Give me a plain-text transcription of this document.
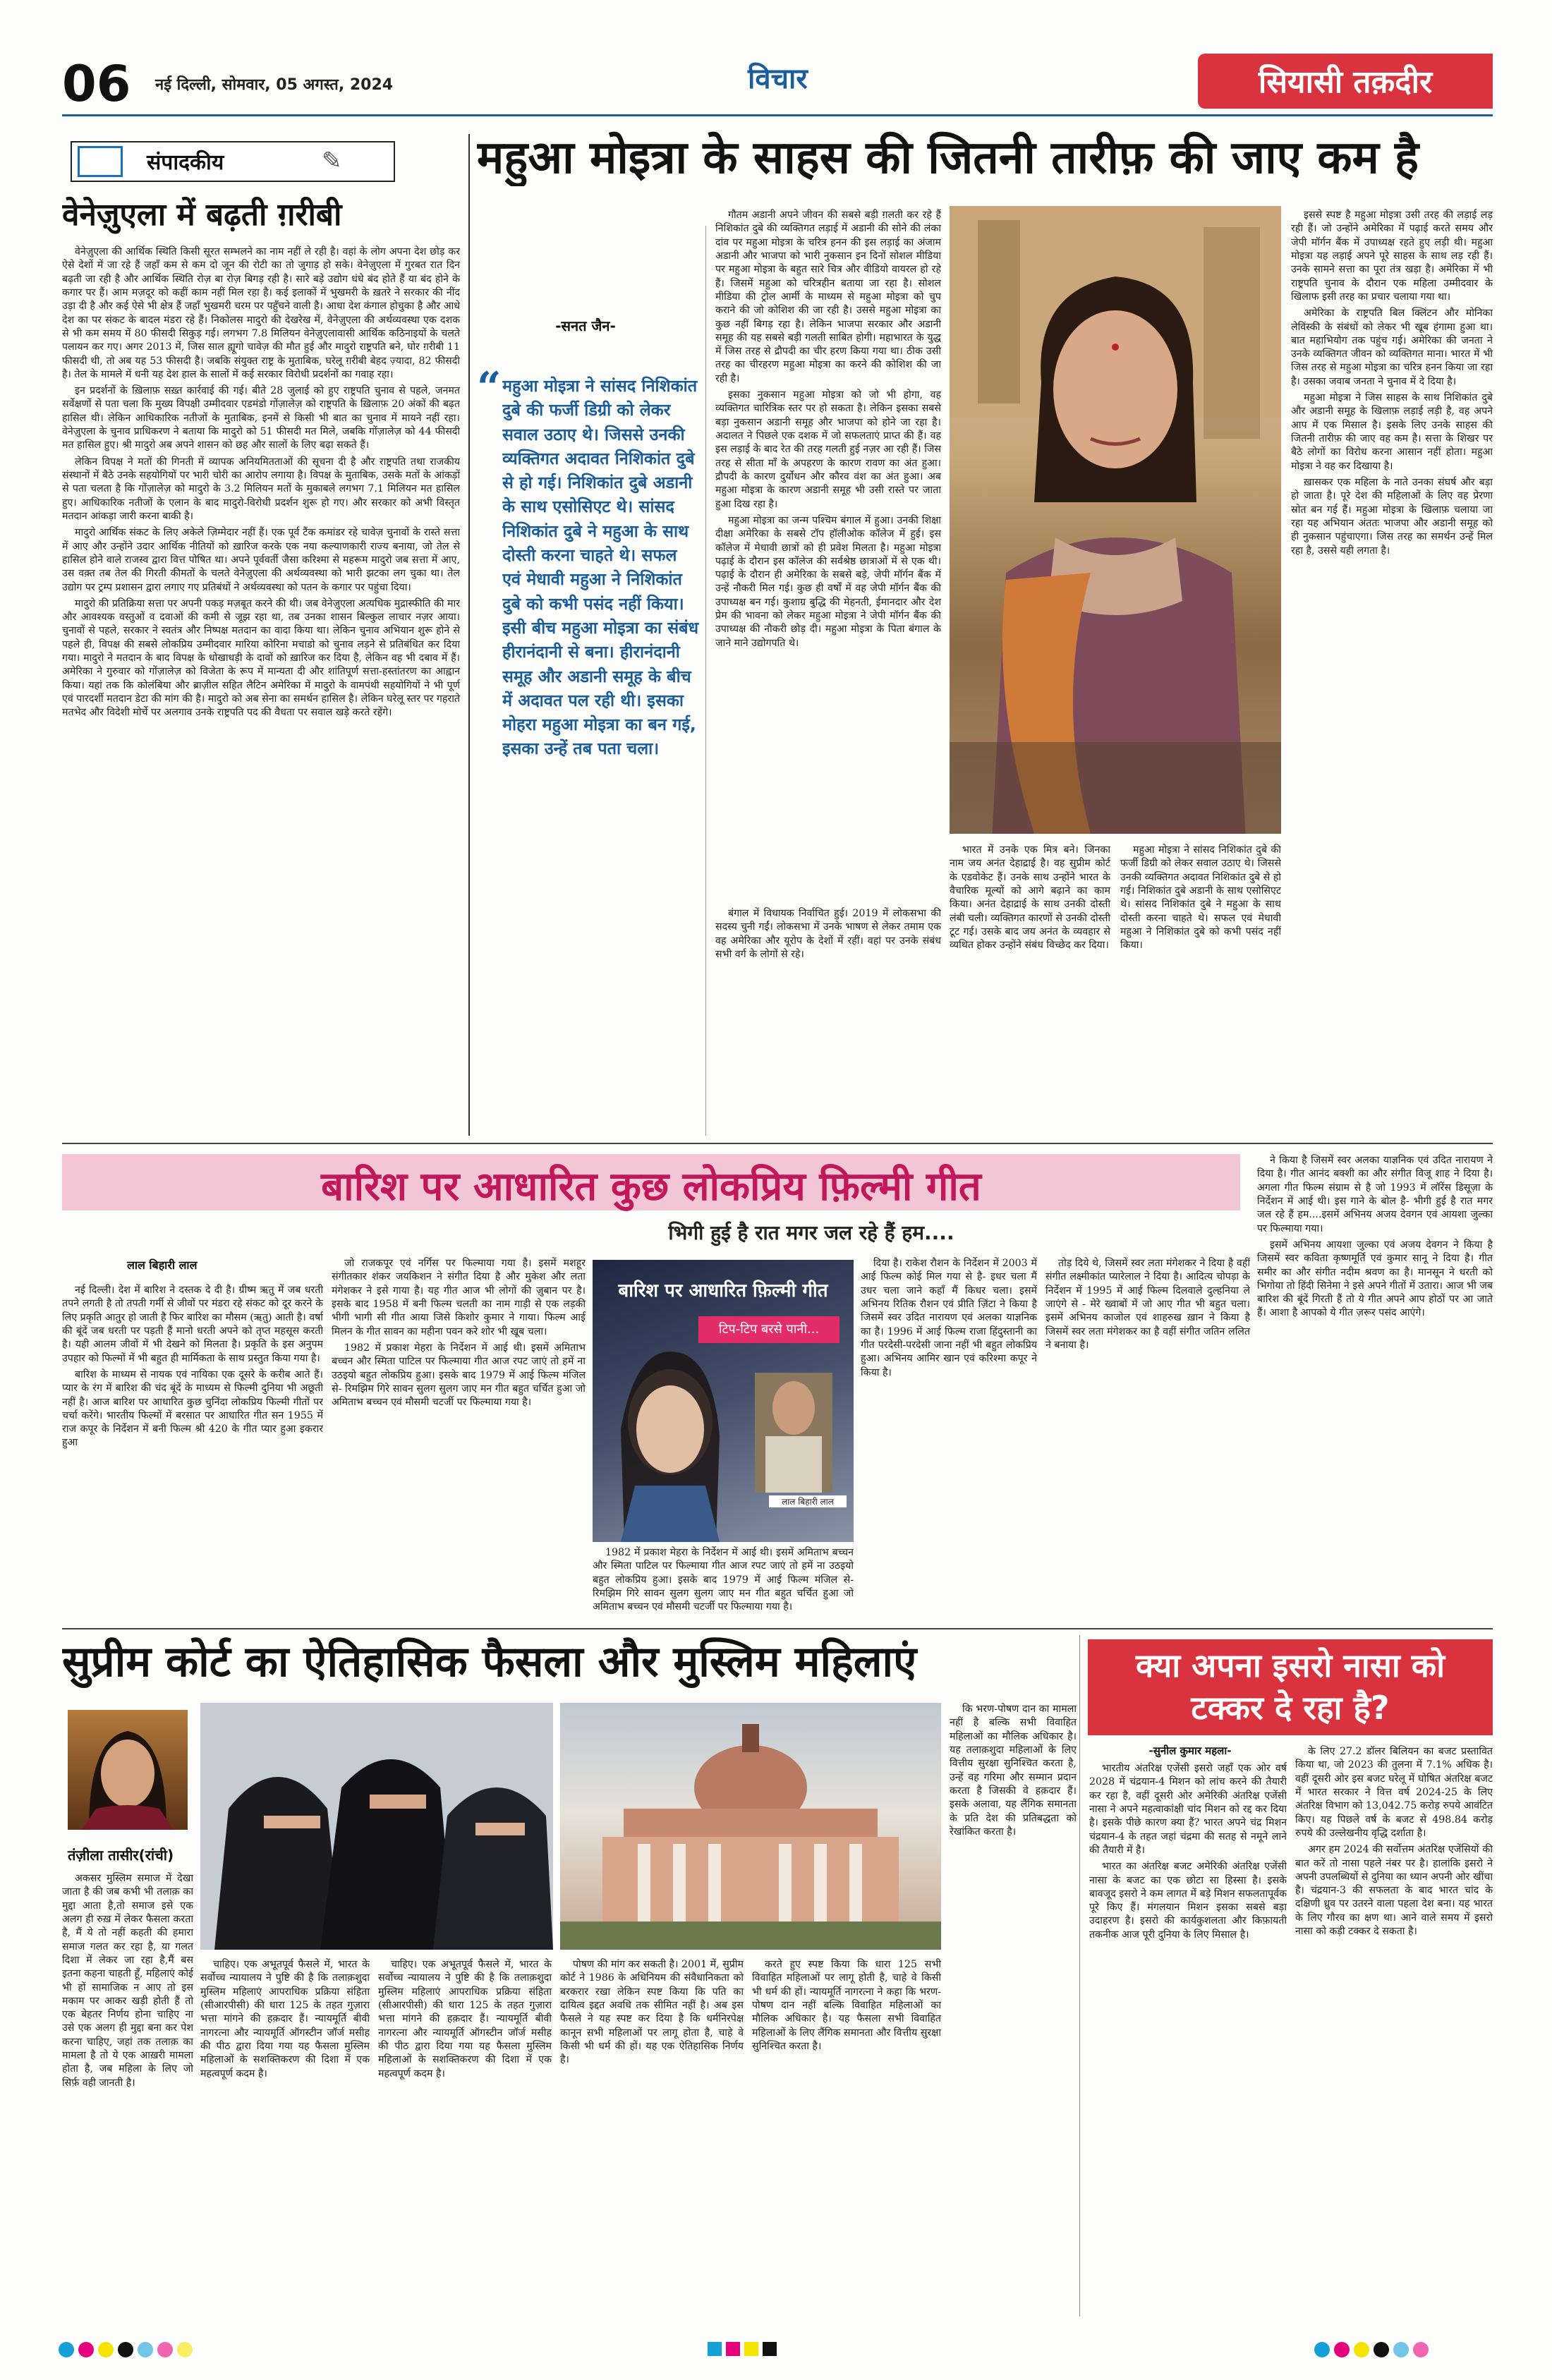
06 नई दिल्ली, सोमवार, 05 अगस्त, 2024	विचार	सियासी तक़दीर
संपादकीय	✎
वेनेज़ुएला में बढ़ती ग़रीबी

वेनेज़ुएला की आर्थिक स्थिति किसी सूरत सम्भलने का नाम नहीं ले रही है। वहां के लोग अपना देश छोड़ कर ऐसे देशों में जा रहे हैं जहाँ कम से कम दो जून की रोटी का तो जुगाड़ हो सके। वेनेज़ुएला में गुरबत रात दिन बढ़ती जा रही है और आर्थिक स्थिति रोज़ बा रोज़ बिगड़ रही है। सारे बड़े उद्योग धंधे बंद होते हैं या बंद होने के कगार पर हैं। आम मज़दूर को कहीं काम नहीं मिल रहा है। कई इलाकों में भुखमरी के ख़तरे ने सरकार की नींद उड़ा दी है और कई ऐसे भी क्षेत्र हैं जहाँ भुखमरी चरम पर पहुँचने वाली है। आधा देश कंगाल होचुका है और आधे देश का पर संकट के बादल मंडरा रहे हैं। निकोलस मादुरो की देखरेख में, वेनेज़ुएला की अर्थव्यवस्था एक दशक से भी कम समय में 80 फीसदी सिकुड़ गई। लगभग 7.8 मिलियन वेनेज़ुएलावासी आर्थिक कठिनाइयों के चलते पलायन कर गए। अगर 2013 में, जिस साल ह्यूगो चावेज़ की मौत हुई और मादुरो राष्ट्रपति बने, घोर ग़रीबी 11 फीसदी थी, तो अब यह 53 फीसदी है। जबकि संयुक्त राष्ट्र के मुताबिक, घरेलू ग़रीबी बेहद ज़्यादा, 82 फीसदी है। तेल के मामले में धनी यह देश हाल के सालों में कई सरकार विरोधी प्रदर्शनों का गवाह रहा।

इन प्रदर्शनों के ख़िलाफ़ सख़्त कार्रवाई की गई। बीते 28 जुलाई को हुए राष्ट्रपति चुनाव से पहले, जनमत सर्वेक्षणों से पता चला कि मुख्य विपक्षी उम्मीदवार एडमंडो गोंज़ालेज़ को राष्ट्रपति के ख़िलाफ़ 20 अंकों की बढ़त हासिल थी। लेकिन आधिकारिक नतीजों के मुताबिक, इनमें से किसी भी बात का चुनाव में मायने नहीं रहा। वेनेज़ुएला के चुनाव प्राधिकरण ने बताया कि मादुरो को 51 फीसदी मत मिले, जबकि गोंज़ालेज़ को 44 फीसदी मत हासिल हुए। श्री मादुरो अब अपने शासन को छह और सालों के लिए बढ़ा सकते हैं।

लेकिन विपक्ष ने मतों की गिनती में व्यापक अनियमितताओं की सूचना दी है और राष्ट्रपति तथा राजकीय संस्थानों में बैठे उनके सहयोगियों पर भारी चोरी का आरोप लगाया है। विपक्ष के मुताबिक, उसके मतों के आंकड़ों से पता चलता है कि गोंज़ालेज़ को मादुरो के 3.2 मिलियन मतों के मुकाबले लगभग 7.1 मिलियन मत हासिल हुए। आधिकारिक नतीजों के एलान के बाद मादुरो-विरोधी प्रदर्शन शुरू हो गए। और सरकार को अभी विस्तृत मतदान आंकड़ा जारी करना बाकी है।

मादुरो आर्थिक संकट के लिए अकेले ज़िम्मेदार नहीं हैं। एक पूर्व टैंक कमांडर रहे चावेज़ चुनावों के रास्ते सत्ता में आए और उन्होंने उदार आर्थिक नीतियों को ख़ारिज करके एक नया कल्याणकारी राज्य बनाया, जो तेल से हासिल होने वाले राजस्व द्वारा वित्त पोषित था। अपने पूर्ववर्ती जैसा करिश्मा से महरूम मादुरो जब सत्ता में आए, उस वक़्त तब तेल की गिरती कीमतों के चलते वेनेज़ुएला की अर्थव्यवस्था को भारी झटका लग चुका था। तेल उद्योग पर ट्रम्प प्रशासन द्वारा लगाए गए प्रतिबंधों ने अर्थव्यवस्था को पतन के कगार पर पहुंचा दिया।

मादुरो की प्रतिक्रिया सत्ता पर अपनी पकड़ मज़बूत करने की थी। जब वेनेज़ुएला अत्यधिक मुद्रास्फीति की मार और आवश्यक वस्तुओं व दवाओं की कमी से जूझ रहा था, तब उनका शासन बिल्कुल लाचार नज़र आया। चुनावों से पहले, सरकार ने स्वतंत्र और निष्पक्ष मतदान का वादा किया था। लेकिन चुनाव अभियान शुरू होने से पहले ही, विपक्ष की सबसे लोकप्रिय उम्मीदवार मारिया कोरिना मचाडो को चुनाव लड़ने से प्रतिबंधित कर दिया गया। मादुरो ने मतदान के बाद विपक्ष के धोखाधड़ी के दावों को ख़ारिज कर दिया है, लेकिन वह भी दबाव में हैं। अमेरिका ने गुरुवार को गोंज़ालेज़ को विजेता के रूप में मान्यता दी और शांतिपूर्ण सत्ता-हस्तांतरण का आह्वान किया। यहां तक कि कोलंबिया और ब्राज़ील सहित लैटिन अमेरिका में मादुरो के वामपंथी सहयोगियों ने भी पूर्ण एवं पारदर्शी मतदान डेटा की मांग की है। मादुरो को अब सेना का समर्थन हासिल है। लेकिन घरेलू स्तर पर गहराते मतभेद और विदेशी मोर्चे पर अलगाव उनके राष्ट्रपति पद की वैधता पर सवाल खड़े करते रहेंगे।

महुआ मोइत्रा के साहस की जितनी तारीफ़ की जाए कम है
-सनत जैन-
“ महुआ मोइत्रा ने सांसद निशिकांत दुबे की फर्जी डिग्री को लेकर सवाल उठाए थे। जिससे उनकी व्यक्तिगत अदावत निशिकांत दुबे से हो गई। निशिकांत दुबे अडानी के साथ एसोसिएट थे। सांसद निशिकांत दुबे ने महुआ के साथ दोस्ती करना चाहते थे। सफल एवं मेधावी महुआ ने निशिकांत दुबे को कभी पसंद नहीं किया। इसी बीच महुआ मोइत्रा का संबंध हीरानंदानी से बना। हीरानंदानी समूह और अडानी समूह के बीच में अदावत पल रही थी। इसका मोहरा महुआ मोइत्रा का बन गई, इसका उन्हें तब पता चला।

गौतम अडानी अपने जीवन की सबसे बड़ी ग़लती कर रहे हैं निशिकांत दुबे की व्यक्तिगत लड़ाई में अडानी की सोने की लंका दांव पर महुआ मोइत्रा के चरित्र हनन की इस लड़ाई का अंजाम अडानी और भाजपा को भारी नुकसान इन दिनों सोशल मीडिया पर महुआ मोइत्रा के बहुत सारे चित्र और वीडियो वायरल हो रहे हैं। जिसमें महुआ को चरित्रहीन बताया जा रहा है। सोशल मीडिया की ट्रोल आर्मी के माध्यम से महुआ मोइत्रा को चुप कराने की जो कोशिश की जा रही है। उससे महुआ मोइत्रा का कुछ नहीं बिगड़ रहा है। लेकिन भाजपा सरकार और अडानी समूह की यह सबसे बड़ी गलती साबित होगी। महाभारत के युद्ध में जिस तरह से द्रौपदी का चीर हरण किया गया था। ठीक उसी तरह का चीरहरण महुआ मोइत्रा का करने की कोशिश की जा रही है।

इसका नुकसान महुआ मोइत्रा को जो भी होगा, वह व्यक्तिगत चारित्रिक स्तर पर हो सकता है। लेकिन इसका सबसे बड़ा नुकसान अडानी समूह और भाजपा को होने जा रहा है। अदालत ने पिछले एक दशक में जो सफलताएं प्राप्त की हैं। वह इस लड़ाई के बाद रेत की तरह गलती हुई नज़र आ रही हैं। जिस तरह से सीता माँ के अपहरण के कारण रावण का अंत हुआ। द्रौपदी के कारण दुर्योधन और कौरव वंश का अंत हुआ। अब महुआ मोइत्रा के कारण अडानी समूह भी उसी रास्ते पर जाता हुआ दिख रहा है।

महुआ मोइत्रा का जन्म पश्चिम बंगाल में हुआ। उनकी शिक्षा दीक्षा अमेरिका के सबसे टॉप हॉलीओक कॉलेज में हुई। इस कॉलेज में मेधावी छात्रों को ही प्रवेश मिलता है। महुआ मोइत्रा पढ़ाई के दौरान इस कॉलेज की सर्वश्रेष्ठ छात्राओं में से एक थी। पढ़ाई के दौरान ही अमेरिका के सबसे बड़े, जेपी मॉर्गन बैंक में उन्हें नौकरी मिल गई। कुछ ही वर्षों में वह जेपी मॉर्गन बैंक की उपाध्यक्ष बन गई। कुशाग्र बुद्धि की मेहनती, ईमानदार और देश प्रेम की भावना को लेकर महुआ मोइत्रा ने जेपी मॉर्गन बैंक की उपाध्यक्ष की नौकरी छोड़ दी। महुआ मोइत्रा के पिता बंगाल के जाने माने उद्योगपति थे।

बंगाल में विधायक निर्वाचित हुई। 2019 में लोकसभा की सदस्य चुनी गईं। लोकसभा में उनके भाषण से लेकर तमाम एक वह अमेरिका और यूरोप के देशों में रहीं। वहां पर उनके संबंध सभी वर्ग के लोगों से रहे।

भारत में उनके एक मित्र बने। जिनका नाम जय अनंत देहाद्राई है। वह सुप्रीम कोर्ट के एडवोकेट हैं। उनके साथ उन्होंने भारत के वैचारिक मूल्यों को आगे बढ़ाने का काम किया। अनंत देहाद्राई के साथ उनकी दोस्ती लंबी चली। व्यक्तिगत कारणों से उनकी दोस्ती टूट गई। उसके बाद जय अनंत के व्यवहार से व्यथित होकर उन्होंने संबंध विच्छेद कर दिया।

महुआ मोइत्रा ने सांसद निशिकांत दुबे की फर्जी डिग्री को लेकर सवाल उठाए थे। जिससे उनकी व्यक्तिगत अदावत निशिकांत दुबे से हो गई। निशिकांत दुबे अडानी के साथ एसोसिएट थे। सांसद निशिकांत दुबे ने महुआ के साथ दोस्ती करना चाहते थे। सफल एवं मेधावी महुआ ने निशिकांत दुबे को कभी पसंद नहीं किया।

इससे स्पष्ट है महुआ मोइत्रा उसी तरह की लड़ाई लड़ रही हैं। जो उन्होंने अमेरिका में पढ़ाई करते समय और जेपी मॉर्गन बैंक में उपाध्यक्ष रहते हुए लड़ी थी। महुआ मोइत्रा यह लड़ाई अपने पूरे साहस के साथ लड़ रही हैं। उनके सामने सत्ता का पूरा तंत्र खड़ा है। अमेरिका में भी राष्ट्रपति चुनाव के दौरान एक महिला उम्मीदवार के खिलाफ इसी तरह का प्रचार चलाया गया था।

अमेरिका के राष्ट्रपति बिल क्लिंटन और मोनिका लेविंस्की के संबंधों को लेकर भी खूब हंगामा हुआ था। बात महाभियोग तक पहुंच गई। अमेरिका की जनता ने उनके व्यक्तिगत जीवन को व्यक्तिगत माना। भारत में भी जिस तरह से महुआ मोइत्रा का चरित्र हनन किया जा रहा है। उसका जवाब जनता ने चुनाव में दे दिया है।

महुआ मोइत्रा ने जिस साहस के साथ निशिकांत दुबे और अडानी समूह के खिलाफ़ लड़ाई लड़ी है, वह अपने आप में एक मिसाल है। इसके लिए उनके साहस की जितनी तारीफ़ की जाए वह कम है। सत्ता के शिखर पर बैठे लोगों का विरोध करना आसान नहीं होता। महुआ मोइत्रा ने वह कर दिखाया है।

ख़ासकर एक महिला के नाते उनका संघर्ष और बड़ा हो जाता है। पूरे देश की महिलाओं के लिए वह प्रेरणा स्रोत बन गई हैं। महुआ मोइत्रा के खिलाफ़ चलाया जा रहा यह अभियान अंततः भाजपा और अडानी समूह को ही नुकसान पहुंचाएगा। जिस तरह का समर्थन उन्हें मिल रहा है, उससे यही लगता है।

बारिश पर आधारित कुछ लोकप्रिय फ़िल्मी गीत
भिगी हुई है रात मगर जल रहे हैं हम....
लाल बिहारी लाल

नई दिल्ली। देश में बारिश ने दस्तक दे दी है। ग्रीष्म ऋतु में जब धरती तपने लगती है तो तपती गर्मी से जीवों पर मंडरा रहे संकट को दूर करने के लिए प्रकृति आतुर हो जाती है फिर बारिश का मौसम (ऋतु) आती है। वर्षा की बूंदें जब धरती पर पड़ती हैं मानो धरती अपने को तृप्त महसूस करती है। यही आलम जीवों में भी देखने को मिलता है। प्रकृति के इस अनुपम उपहार को फिल्मों में भी बहुत ही मार्मिकता के साथ प्रस्तुत किया गया है।

बारिश के माध्यम से नायक एवं नायिका एक दूसरे के करीब आते हैं। प्यार के रंग में बारिश की चंद बूंदें के माध्यम से फिल्मी दुनिया भी अछूती नहीं है। आज बारिश पर आधारित कुछ चुनिंदा लोकप्रिय फिल्मी गीतों पर चर्चा करेंगे। भारतीय फिल्मों में बरसात पर आधारित गीत सन 1955 में राज कपूर के निर्देशन में बनी फिल्म श्री 420 के गीत प्यार हुआ इकरार हुआ

जो राजकपूर एवं नर्गिस पर फिल्माया गया है। इसमें मशहूर संगीतकार शंकर जयकिशन ने संगीत दिया है और मुकेश और लता मंगेशकर ने इसे गाया है। यह गीत आज भी लोगों की ज़ुबान पर है। इसके बाद 1958 में बनी फिल्म चलती का नाम गाड़ी से एक लड़की भीगी भागी सी गीत आया जिसे किशोर कुमार ने गाया। फिल्म आई मिलन के गीत सावन का महीना पवन करे शोर भी खूब चला।

1982 में प्रकाश मेहरा के निर्देशन में आई थी। इसमें अमिताभ बच्चन और स्मिता पाटिल पर फिल्माया गीत आज रपट जाएं तो हमें ना उठइयो बहुत लोकप्रिय हुआ। इसके बाद 1979 में आई फिल्म मंजिल से- रिमझिम गिरे सावन सुलग सुलग जाए मन गीत बहुत चर्चित हुआ जो अमिताभ बच्चन एवं मौसमी चटर्जी पर फिल्माया गया है।

बारिश पर आधारित फ़िल्मी गीत
टिप-टिप बरसे पानी...
लाल बिहारी लाल

1982 में प्रकाश मेहरा के निर्देशन में आई थी। इसमें अमिताभ बच्चन और स्मिता पाटिल पर फिल्माया गीत आज रपट जाएं तो हमें ना उठइयो बहुत लोकप्रिय हुआ। इसके बाद 1979 में आई फिल्म मंजिल से- रिमझिम गिरे सावन सुलग सुलग जाए मन गीत बहुत चर्चित हुआ जो अमिताभ बच्चन एवं मौसमी चटर्जी पर फिल्माया गया है।

दिया है। राकेश रौशन के निर्देशन में 2003 में आई फिल्म कोई मिल गया से है- इधर चला मैं उधर चला जाने कहाँ मैं किधर चला। इसमें अभिनय रितिक रौशन एवं प्रीति ज़िंटा ने किया है जिसमें स्वर उदित नारायण एवं अलका याज्ञनिक का है। 1996 में आई फिल्म राजा हिंदुस्तानी का गीत परदेसी-परदेसी जाना नहीं भी बहुत लोकप्रिय हुआ। अभिनय आमिर खान एवं करिश्मा कपूर ने किया है।

तोड़ दिये थे, जिसमें स्वर लता मंगेशकर ने दिया है वहीं संगीत लक्ष्मीकांत प्यारेलाल ने दिया है। आदित्य चोपड़ा के निर्देशन में 1995 में आई फिल्म दिलवाले दुल्हनिया ले जाएंगे से - मेरे ख्वाबों में जो आए गीत भी बहुत चला। इसमें अभिनय काजोल एवं शाहरुख ख़ान ने किया है जिसमें स्वर लता मंगेशकर का है वहीं संगीत जतिन ललित ने बनाया है।

ने किया है जिसमें स्वर अलका याज्ञनिक एवं उदित नारायण ने दिया है। गीत आनंद बक्शी का और संगीत विजू शाह ने दिया है। अगला गीत फिल्म संग्राम से है जो 1993 में लॉरेंस डिसूज़ा के निर्देशन में आई थी। इस गाने के बोल है- भीगी हुई है रात मगर जल रहे हैं हम....इसमें अभिनय अजय देवगन एवं आयशा जुल्का पर फिल्माया गया।

इसमें अभिनय आयशा जुल्का एवं अजय देवगन ने किया है जिसमें स्वर कविता कृष्णमूर्ति एवं कुमार सानू ने दिया है। गीत समीर का और संगीत नदीम श्रवण का है। मानसून ने धरती को भिगोया तो हिंदी सिनेमा ने इसे अपने गीतों में उतारा। आज भी जब बारिश की बूंदें गिरती हैं तो ये गीत अपने आप होठों पर आ जाते हैं। आशा है आपको ये गीत ज़रूर पसंद आएंगे।

सुप्रीम कोर्ट का ऐतिहासिक फैसला और मुस्लिम महिलाएं
तंज़ीला तासीर(रांची)

अकसर मुस्लिम समाज में देखा जाता है की जब कभी भी तलाक़ का मुद्दा आता है,तो समाज इसे एक अलग ही रुख़ में लेकर फैसला करता है, मैं ये तो नहीं कहती की हमारा समाज गलत कर रहा है, या गलत दिशा में लेकर जा रहा है,मैं बस इतना कहना चाहती हूँ, महिलाएं कोई भी हों सामाजिक न आए तो इस मकाम पर आकर खड़ी होती हैं तो एक बेहतर निर्णय होना चाहिए ना उसे एक अलग ही मुद्दा बना कर पेश करना चाहिए, जहां तक तलाक़ का मामला है तो ये एक आख़री मामला होता है, जब महिला के लिए जो सिर्फ़ वही जानती है।

चाहिए। एक अभूतपूर्व फैसले में, भारत के सर्वोच्च न्यायालय ने पुष्टि की है कि तलाक़शुदा मुस्लिम महिलाएं आपराधिक प्रक्रिया संहिता (सीआरपीसी) की धारा 125 के तहत गुज़ारा भत्ता मांगने की हक़दार हैं। न्यायमूर्ति बीवी नागरत्ना और न्यायमूर्ति ऑगस्टीन जॉर्ज मसीह की पीठ द्वारा दिया गया यह फैसला मुस्लिम महिलाओं के सशक्तिकरण की दिशा में एक महत्वपूर्ण कदम है।

चाहिए। एक अभूतपूर्व फैसले में, भारत के सर्वोच्च न्यायालय ने पुष्टि की है कि तलाक़शुदा मुस्लिम महिलाएं आपराधिक प्रक्रिया संहिता (सीआरपीसी) की धारा 125 के तहत गुज़ारा भत्ता मांगने की हक़दार हैं। न्यायमूर्ति बीवी नागरत्ना और न्यायमूर्ति ऑगस्टीन जॉर्ज मसीह की पीठ द्वारा दिया गया यह फैसला मुस्लिम महिलाओं के सशक्तिकरण की दिशा में एक महत्वपूर्ण कदम है।

पोषण की मांग कर सकती है। 2001 में, सुप्रीम कोर्ट ने 1986 के अधिनियम की संवैधानिकता को बरकरार रखा लेकिन स्पष्ट किया कि पति का दायित्व इद्दत अवधि तक सीमित नहीं है। अब इस फैसले ने यह स्पष्ट कर दिया है कि धर्मनिरपेक्ष कानून सभी महिलाओं पर लागू होता है, चाहे वे किसी भी धर्म की हों। यह एक ऐतिहासिक निर्णय है।

करते हुए स्पष्ट किया कि धारा 125 सभी विवाहित महिलाओं पर लागू होती है, चाहे वे किसी भी धर्म की हों। न्यायमूर्ति नागरत्ना ने कहा कि भरण-पोषण दान नहीं बल्कि विवाहित महिलाओं का मौलिक अधिकार है। यह फैसला सभी विवाहित महिलाओं के लिए लैंगिक समानता और वित्तीय सुरक्षा सुनिश्चित करता है।

कि भरण-पोषण दान का मामला नहीं है बल्कि सभी विवाहित महिलाओं का मौलिक अधिकार है। यह तलाक़शुदा महिलाओं के लिए वित्तीय सुरक्षा सुनिश्चित करता है, उन्हें वह गरिमा और सम्मान प्रदान करता है जिसकी वे हक़दार हैं। इसके अलावा, यह लैंगिक समानता के प्रति देश की प्रतिबद्धता को रेखांकित करता है।

क्या अपना इसरो नासा को टक्कर दे रहा है?
-सुनील कुमार महला-

भारतीय अंतरिक्ष एजेंसी इसरो जहाँ एक ओर वर्ष 2028 में चंद्रयान-4 मिशन को लांच करने की तैयारी कर रहा है, वहीं दूसरी ओर अमेरिकी अंतरिक्ष एजेंसी नासा ने अपने महत्वाकांक्षी चांद मिशन को रद्द कर दिया है। इसके पीछे कारण क्या हैं? भारत अपने चंद्र मिशन चंद्रयान-4 के तहत जहां चंद्रमा की सतह से नमूने लाने की तैयारी में है।

भारत का अंतरिक्ष बजट अमेरिकी अंतरिक्ष एजेंसी नासा के बजट का एक छोटा सा हिस्सा है। इसके बावजूद इसरो ने कम लागत में बड़े मिशन सफलतापूर्वक पूरे किए हैं। मंगलयान मिशन इसका सबसे बड़ा उदाहरण है। इसरो की कार्यकुशलता और किफ़ायती तकनीक आज पूरी दुनिया के लिए मिसाल है।

के लिए 27.2 डॉलर बिलियन का बजट प्रस्तावित किया था, जो 2023 की तुलना में 7.1% अधिक है। वहीं दूसरी ओर इस बजट घरेलू में घोषित अंतरिक्ष बजट में भारत सरकार ने वित्त वर्ष 2024-25 के लिए अंतरिक्ष विभाग को 13,042.75 करोड़ रुपये आवंटित किए। यह पिछले वर्ष के बजट से 498.84 करोड़ रुपये की उल्लेखनीय वृद्धि दर्शाता है।

अगर हम 2024 की सर्वोत्तम अंतरिक्ष एजेंसियों की बात करें तो नासा पहले नंबर पर है। हालांकि इसरो ने अपनी उपलब्धियों से दुनिया का ध्यान अपनी ओर खींचा है। चंद्रयान-3 की सफलता के बाद भारत चांद के दक्षिणी ध्रुव पर उतरने वाला पहला देश बना। यह भारत के लिए गौरव का क्षण था। आने वाले समय में इसरो नासा को कड़ी टक्कर दे सकता है।
